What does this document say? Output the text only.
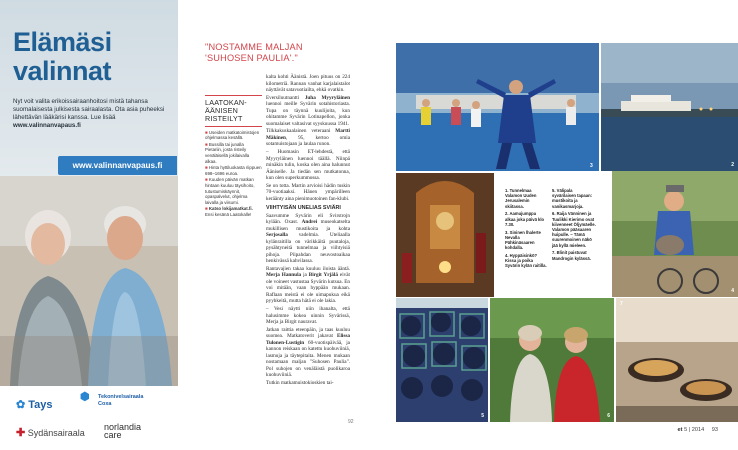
Elämäsi
valinnat
Nyt voit valita erikoissairaanhoitosi mistä tahansa suomalaisesta julkisesta sairaalasta. Ota asia puheeksi lähettävän lääkärisi kanssa. Lue lisää www.valinnanvapaus.fi
www.valinnanvapaus.fi
✿ Tays
⬢ Tekonivelsairaala
Coxa
✚ Sydänsairaala
norlandia
care
"NOSTAMME MALJAN
'SUHOSEN PAULIA'."
LAATOKAN-
ÄÄNISEN
RISTEILYT

■ Useiden matkatoimistojen ohjelmassa kesällä.

■ Bussilla tai junalla Pietariin, josta risteily venäläisellä jokilaivalla alkaa.

■ Hinta hyttiluokasta riippuen 698–1696 euroa.

■ Kuuden päivän matkan hintaan kuuluu täysihoito, tutustumiskäynnit, opaspalvelut, ohjelma laivalla ja viisumi.

■ Katso lokijamatkat.fi. Ensi kesänä Laatokalle!

kalta kohti Äänistä. Joen pituus on 224 kilometriä. Rannan vanhat karjalaistalot näyttävät satavuotiailta, ehkä ovatkin.

Eversiluutnantti Juha Myyryläinen luennoi meille Syvärin sotahistoriasta. Tupa on täynnä kuulijoita, kun ohitamme Syvärin Lotinapellon, jonka suomalaiset valtasivat syyskuussa 1941.

Tilkkakuskaalainen veteraani Martti Mäkinen, 95, kertoo omia sotamuistojaan ja laulaa runon.

– Huomasin ET-lehdestä, että Myyryläinen luennoi täällä. Niinpä minäkin tulin, koska olen aina halunnut Ääniselle. Ja tiedän sen mutkatonna, kun olen superkummossa.

Se on totta. Martin arvioisi hädin tuskin 70-vuotiaaksi. Hänen ympärilleen keräänty aina pienimuotoinen fan-klubi.

VIIHTYISÄN UNELIAS SVIÄRI

Saavumme Syvärin eli Svirstrojn kylään. Oxast. Andrei museokatselta mukillisen mustikoita ja kohta Serjosalla vadelmia. Uteliaalla kylänraitilla on värikkäitä puutaloja, pysähtyneitä tunnelmaa ja viihtyisiä pihoja. Piipahdan neuvostoaikaa henkivässä kahvilassa.

Rantavajien takaa kuuluu iloista ääntä. Merja Hannula ja Birgit Yrjälä eivät ole voineet vastustaa Syvärin kutsua. En voi mitään, vaan hyppään mukaan. Raflaan meistä ei ole uimapukua eikä pyyhkeitä, mutta hätä ei ole lakia.

– Vesi näytti niin ihanalta, että halusimme kokea uinnin Syvärissä, Merja ja Birgit nauravat.

Jatkan raittia eteenpäin, ja taas kuuluu suomea. Matkatoverit jakavat Elissa Tulonen-Lustigin 60-vuotispäivää, ja kannon reiskaan on katettu kuohuviiniä, lasmuja ja täytepitaita. Menen mukaan nostamaan maljan "Suhosen Paulia". Pol suhojen on venäläistä puolikaroa kuohuviiniä.

Tutkin matkamuistokioskien tai-

92
2
3

1. Tunnelmaa Valamon Uuden Jerusalemin skiitassa.

2. Aamujumppa alkaa joka päivä klo 7.30.

3. Sininen lhalerte Nevalla Pähkinäsaaren kohdalla.

4. Hyppäisinkö? Kissa ja poika Syvärin kylän raitilla.

5. Välipala syvärilaisen tapaan: mustikoita ja vanikasmarjoja.

6. Raija Vänninen ja Tuulikki Kierimo ovat kiivenneet Öljymäelle. Valamon pääsaaren huipulle. – Tämä suurenmoinen näkö jää kyllä mieleen.

7. Blinit paistuvat Mandrogin kylässä.

4
5	6
7
et 5 | 2014 93
